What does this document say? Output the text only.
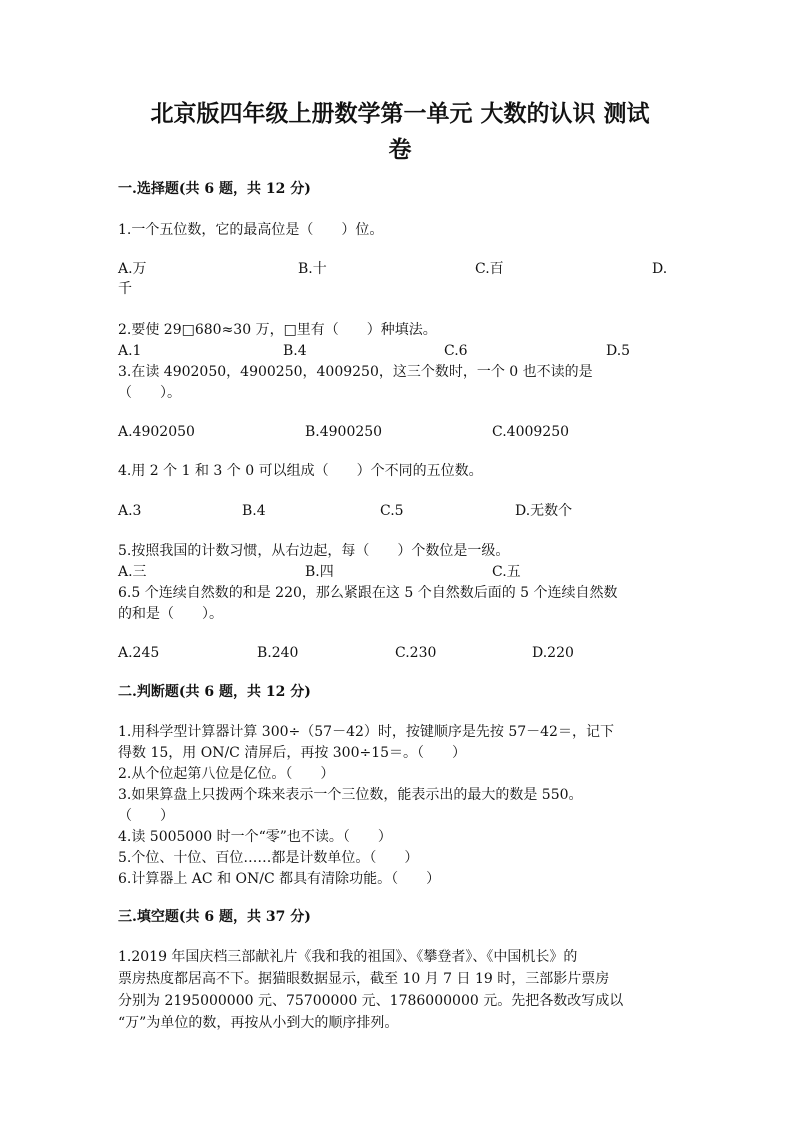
北京版四年级上册数学第一单元 大数的认识 测试
卷
一.选择题(共 6 题，共 12 分)
1.一个五位数，它的最高位是（　　）位。
A.万	B.十	C.百	D.
千
2.要使 29□680≈30 万，□里有（　　）种填法。
A.1	B.4	C.6	D.5
3.在读 4902050，4900250，4009250，这三个数时，一个 0 也不读的是
（　　）。
A.4902050	B.4900250	C.4009250
4.用 2 个 1 和 3 个 0 可以组成（　　）个不同的五位数。
A.3	B.4	C.5	D.无数个
5.按照我国的计数习惯，从右边起，每（　　）个数位是一级。
A.三	B.四	C.五
6.5 个连续自然数的和是 220，那么紧跟在这 5 个自然数后面的 5 个连续自然数
的和是（　　）。
A.245	B.240	C.230	D.220
二.判断题(共 6 题，共 12 分)
1.用科学型计算器计算 300÷（57－42）时，按键顺序是先按 57－42＝，记下
得数 15，用 ON/C 清屏后，再按 300÷15＝。（　　）
2.从个位起第八位是亿位。（　　）
3.如果算盘上只拨两个珠来表示一个三位数，能表示出的最大的数是 550。
（　　）
4.读 5005000 时一个“零”也不读。（　　）
5.个位、十位、百位……都是计数单位。（　　）
6.计算器上 AC 和 ON/C 都具有清除功能。（　　）
三.填空题(共 6 题，共 37 分)
1.2019 年国庆档三部献礼片《我和我的祖国》、《攀登者》、《中国机长》的
票房热度都居高不下。据猫眼数据显示，截至 10 月 7 日 19 时，三部影片票房
分别为 2195000000 元、75700000 元、1786000000 元。先把各数改写成以
“万”为单位的数，再按从小到大的顺序排列。
